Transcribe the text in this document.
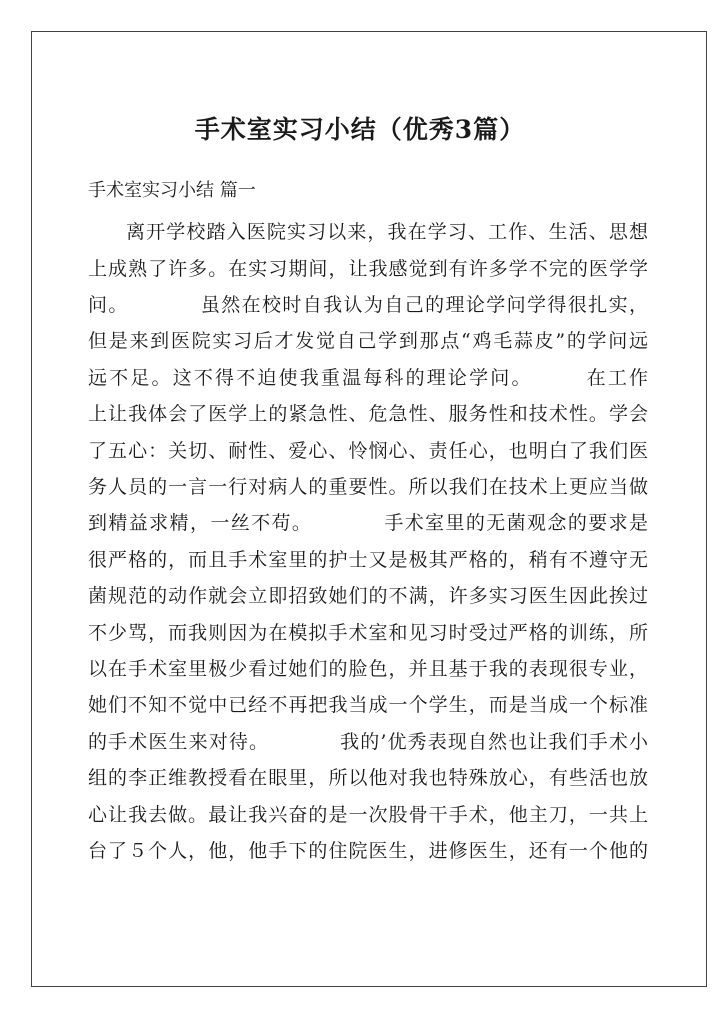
手术室实习小结（优秀3篇）
手术室实习小结 篇一
离开学校踏入医院实习以来，我在学习、工作、生活、思想
上成熟了许多。在实习期间，让我感觉到有许多学不完的医学学
问。　　　　虽然在校时自我认为自己的理论学问学得很扎实，
但是来到医院实习后才发觉自己学到那点“鸡毛蒜皮”的学问远
远不足。这不得不迫使我重温每科的理论学问。　　　在工作
上让我体会了医学上的紧急性、危急性、服务性和技术性。学会
了五心：关切、耐性、爱心、怜悯心、责任心，也明白了我们医
务人员的一言一行对病人的重要性。所以我们在技术上更应当做
到精益求精，一丝不苟。　　　　手术室里的无菌观念的要求是
很严格的，而且手术室里的护士又是极其严格的，稍有不遵守无
菌规范的动作就会立即招致她们的不满，许多实习医生因此挨过
不少骂，而我则因为在模拟手术室和见习时受过严格的训练，所
以在手术室里极少看过她们的脸色，并且基于我的表现很专业，
她们不知不觉中已经不再把我当成一个学生，而是当成一个标准
的手术医生来对待。　　　　我的’优秀表现自然也让我们手术小
组的李正维教授看在眼里，所以他对我也特殊放心，有些活也放
心让我去做。最让我兴奋的是一次股骨干手术，他主刀，一共上
台了５个人，他，他手下的住院医生，进修医生，还有一个他的
